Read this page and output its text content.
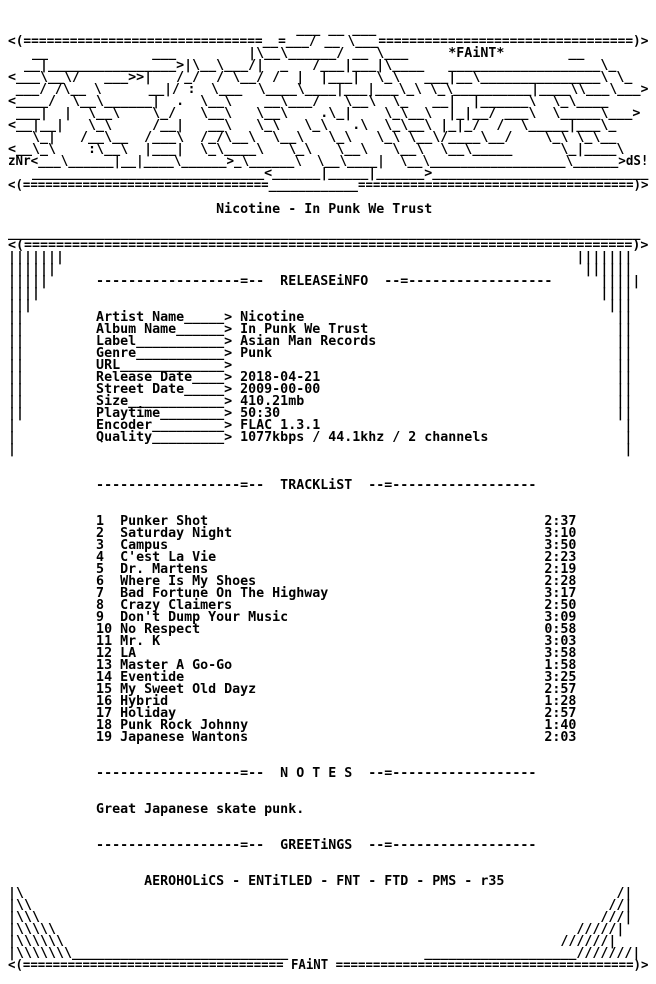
___ __ ___
<(===============================__=___/ __ \___=================================)>
__             ___         |\__\______/ __ \___     *FAiNT*        __
__|________________>|\__\___/|  _   /___|___|\____   ___________________\_
<___\__\/   ___>>|   /_/  / \__/ /  |  |___|  \_\   ___|__\_______________\ \_
___/ /\__ \      __|/ :  \___  \____\____|___|___\_\ \_\__________|____\\___\___>
<____/  \__\______|  .  \__\    __\___/   \__\  \_   __|  |______\  \_\____
___|  |  \__\    \_/   \__\   \__\    .\_|    \_\__\  |_|__/ ___\  \_____\___>
<__|__|   \_\     /__|   __\   \_\   \_\   .\  \_\__\ |_|_/  /  \_____|___\_
\_|   /__\__  /___\  /_/\__\  \__\   \_\   \_\ \__\/____\__/    \_\ \_\__
<__\_\    :\__\  |___|  \_\____\   \_\   \__\   \__\  \__\_____      \_|____\
zNr<___\______|__|____\______>_\______\  \__\____|  \__\__________________\______>dS!
_____________________________<______|_____|______>___________________________
<(=================================____________=====================================)>
Nicotine - In Punk We Trust
_______________________________________________________________________________
<(============================================================================)>
|||||||                                                                |||||||
||||||                                                                  ||||||
|||||      ------------------=--  RELEASEiNFO  --=------------------      |||||
||||                                                                      ||||
|||                                                                        |||
||         Artist Name_____> Nicotine                                       ||
||         Album Name______> In Punk We Trust                               ||
||         Label___________> Asian Man Records                              ||
||         Genre___________> Punk                                           ||
||         URL_____________>                                                ||
||         Release Date____> 2018-04-21                                     ||
||         Street Date_____> 2009-00-00                                     ||
||         Size____________> 410.21mb                                       ||
||         Playtime________> 50:30                                          ||
|          Encoder_________> FLAC 1.3.1                                      |
|          Quality_________> 1077kbps / 44.1khz / 2 channels                 |
|                                                                            |
------------------=--  TRACKLiST  --=------------------
1  Punker Shot                                          2:37
2  Saturday Night                                       3:10
3  Campus                                               3:50
4  C'est La Vie                                         2:23
5  Dr. Martens                                          2:19
6  Where Is My Shoes                                    2:28
7  Bad Fortune On The Highway                           3:17
8  Crazy Claimers                                       2:50
9  Don't Dump Your Music                                3:09
10 No Respect                                           0:58
11 Mr. K                                                3:03
12 LA                                                   3:58
13 Master A Go-Go                                       1:58
14 Eventide                                             3:25
15 My Sweet Old Dayz                                    2:57
16 Hybrid                                               1:28
17 Holiday                                              2:57
18 Punk Rock Johnny                                     1:40
19 Japanese Wantons                                     2:03
------------------=--  N O T E S  --=------------------
Great Japanese skate punk.
------------------=--  GREETiNGS  --=------------------
AEROHOLiCS - ENTiTLED - FNT - FTD - PMS - r35
|\                                                                          /|
|\\                                                                        //|
|\\\                                                                      ///|
|\\\\\                                                                 /////|
|\\\\\\                                                              //////|
|\\\\\\\___________________________                 ___________________///////|
<(=================================== FAiNT ========================================)>
